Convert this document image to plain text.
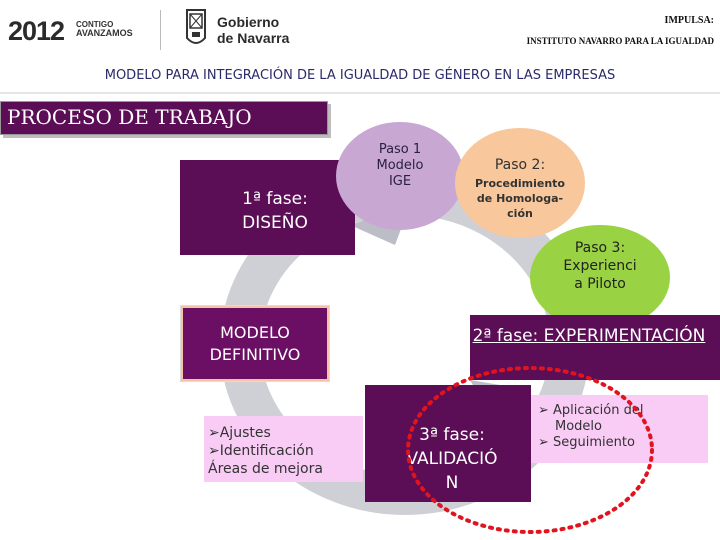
2012 CONTIGO
AVANZAMOS
Gobierno
de Navarra
IMPULSA:
INSTITUTO NAVARRO PARA LA IGUALDAD
MODELO PARA INTEGRACIÓN DE LA IGUALDAD DE GÉNERO EN LAS EMPRESAS
PROCESO DE TRABAJO
1ª fase: DISEÑO
Paso 1
Modelo
IGE
Paso 2:
Procedimiento
de Homologa-
ción
Paso 3:
Experienci
a Piloto
2ª fase: EXPERIMENTACIÓN
➢ Aplicación del
Modelo
➢ Seguimiento
MODELO
DEFINITIVO
➢Ajustes
➢Identificación
Áreas de mejora
3ª fase:
VALIDACIÓ
N
